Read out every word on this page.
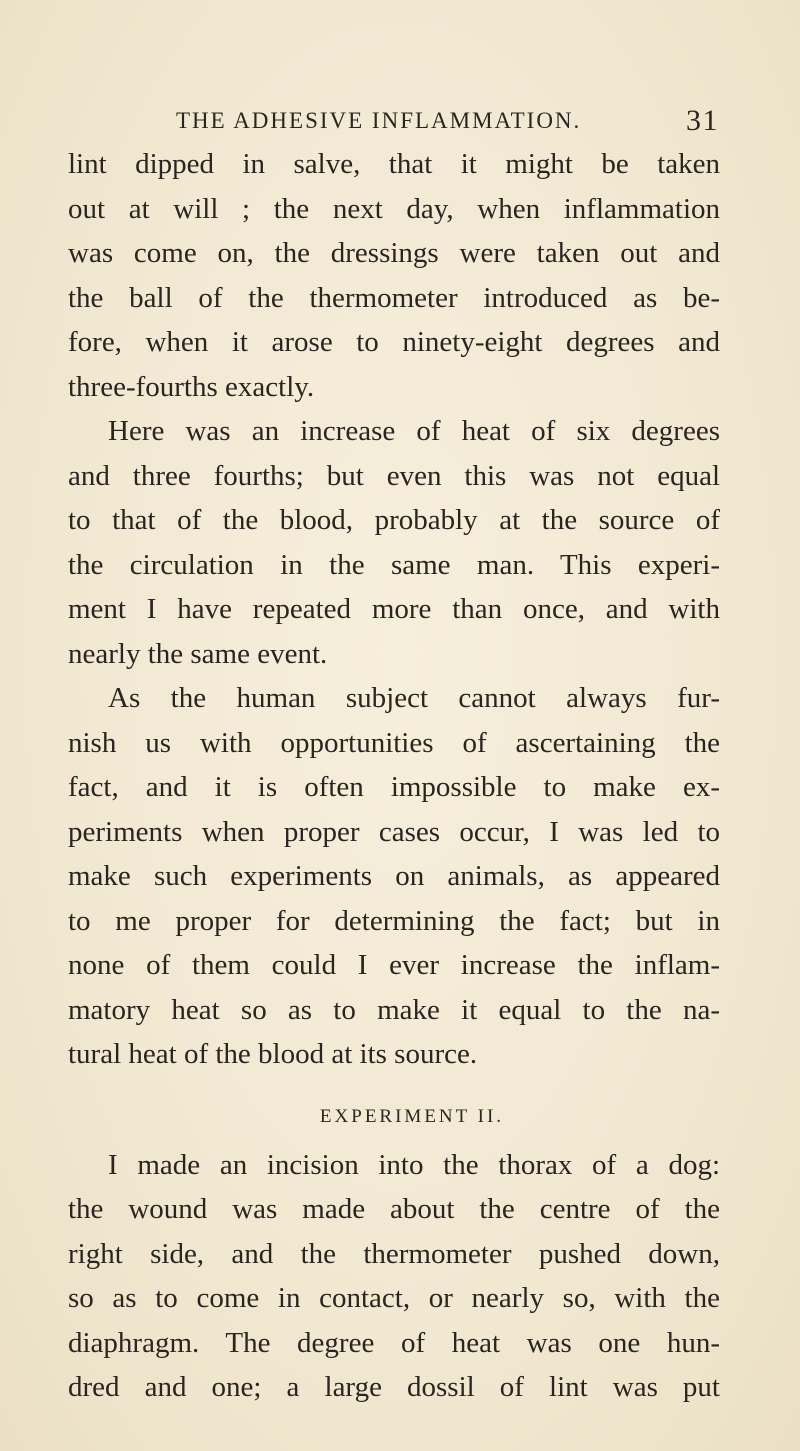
THE ADHESIVE INFLAMMATION.	31
lint dipped in salve, that it might be taken
out at will ; the next day, when inflammation
was come on, the dressings were taken out and
the ball of the thermometer introduced as be-
fore, when it arose to ninety-eight degrees and
three-fourths exactly.
Here was an increase of heat of six degrees
and three fourths; but even this was not equal
to that of the blood, probably at the source of
the circulation in the same man. This experi-
ment I have repeated more than once, and with
nearly the same event.
As the human subject cannot always fur-
nish us with opportunities of ascertaining the
fact, and it is often impossible to make ex-
periments when proper cases occur, I was led to
make such experiments on animals, as appeared
to me proper for determining the fact; but in
none of them could I ever increase the inflam-
matory heat so as to make it equal to the na-
tural heat of the blood at its source.
EXPERIMENT II.
I made an incision into the thorax of a dog:
the wound was made about the centre of the
right side, and the thermometer pushed down,
so as to come in contact, or nearly so, with the
diaphragm. The degree of heat was one hun-
dred and one; a large dossil of lint was put
